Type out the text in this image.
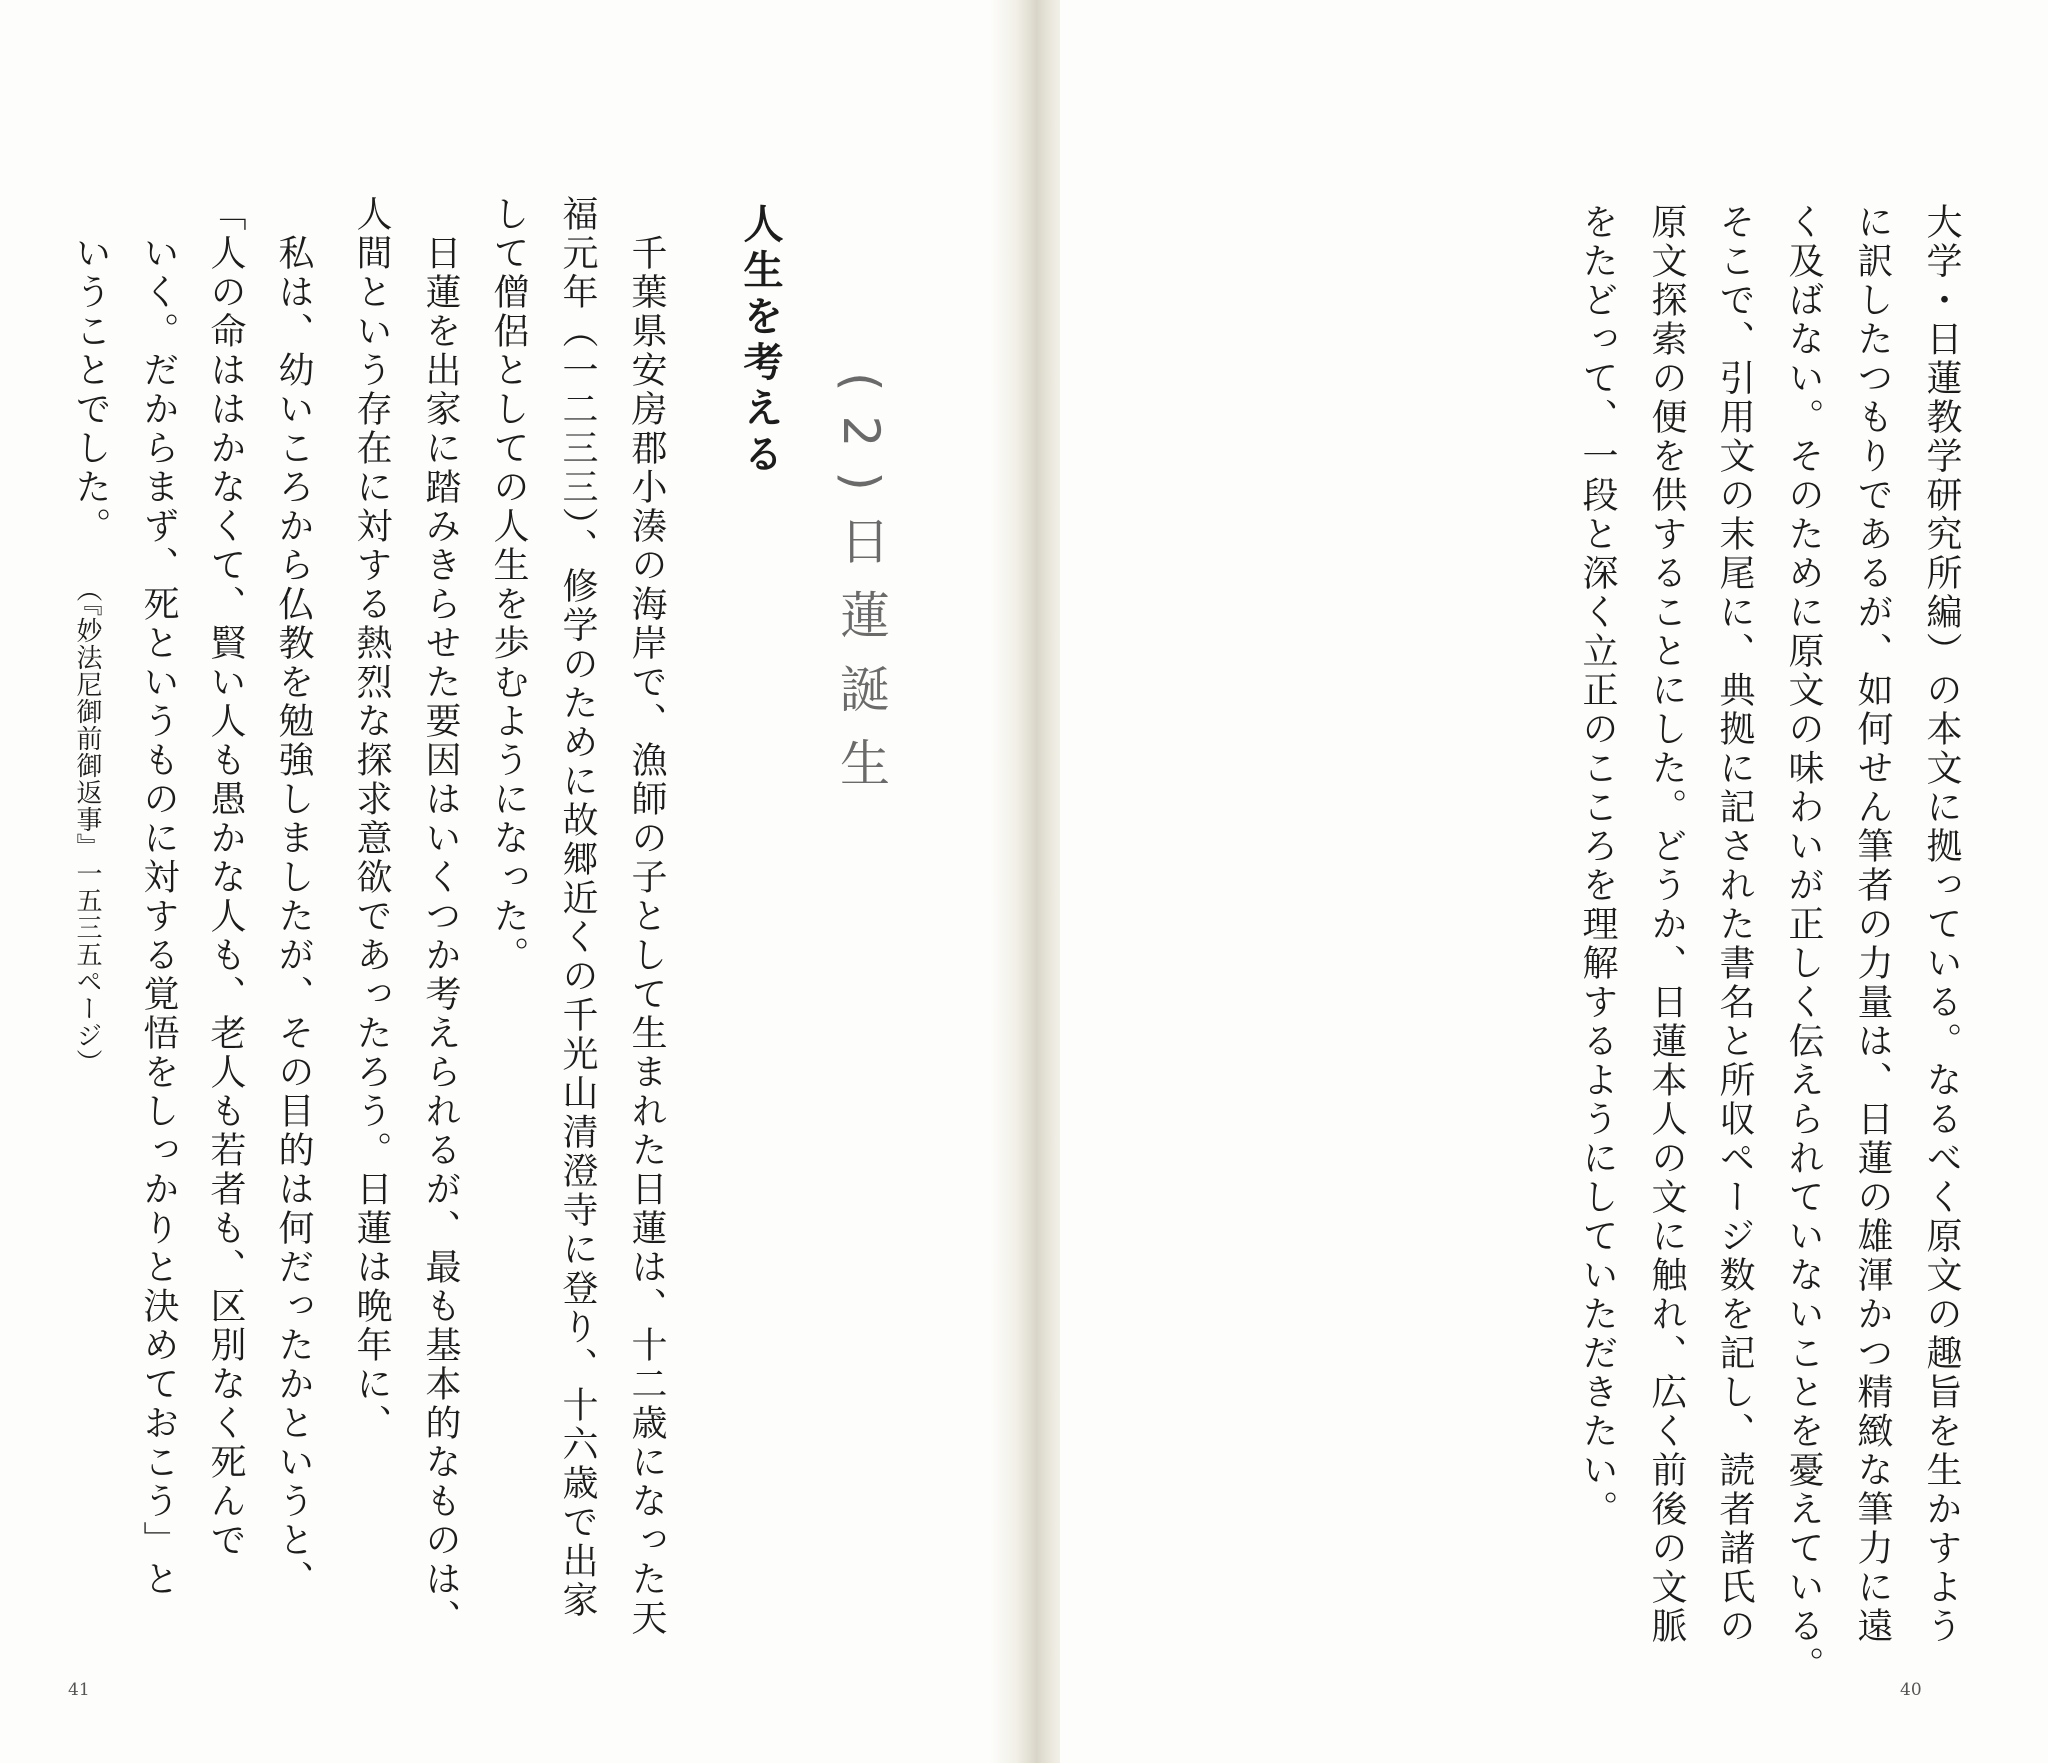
(2)日蓮誕生
人生を考える
千葉県安房郡小湊の海岸で、漁師の子として生まれた日蓮は、十二歳になった天
福元年（一二三三）、修学のために故郷近くの千光山清澄寺に登り、十六歳で出家
して僧侶としての人生を歩むようになった。
日蓮を出家に踏みきらせた要因はいくつか考えられるが、最も基本的なものは、
人間という存在に対する熱烈な探求意欲であったろう。日蓮は晩年に、
　私は、幼いころから仏教を勉強しましたが、その目的は何だったかというと、
「人の命ははかなくて、賢い人も愚かな人も、老人も若者も、区別なく死んで
いく。だからまず、死というものに対する覚悟をしっかりと決めておこう」と
いうことでした。
（『妙法尼御前御返事』一五三五ページ）
41
大学・日蓮教学研究所編）の本文に拠っている。なるべく原文の趣旨を生かすよう
に訳したつもりであるが、如何せん筆者の力量は、日蓮の雄渾かつ精緻な筆力に遠
く及ばない。そのために原文の味わいが正しく伝えられていないことを憂えている。
そこで、引用文の末尾に、典拠に記された書名と所収ページ数を記し、読者諸氏の
原文探索の便を供することにした。どうか、日蓮本人の文に触れ、広く前後の文脈
をたどって、一段と深く立正のこころを理解するようにしていただきたい。
40
